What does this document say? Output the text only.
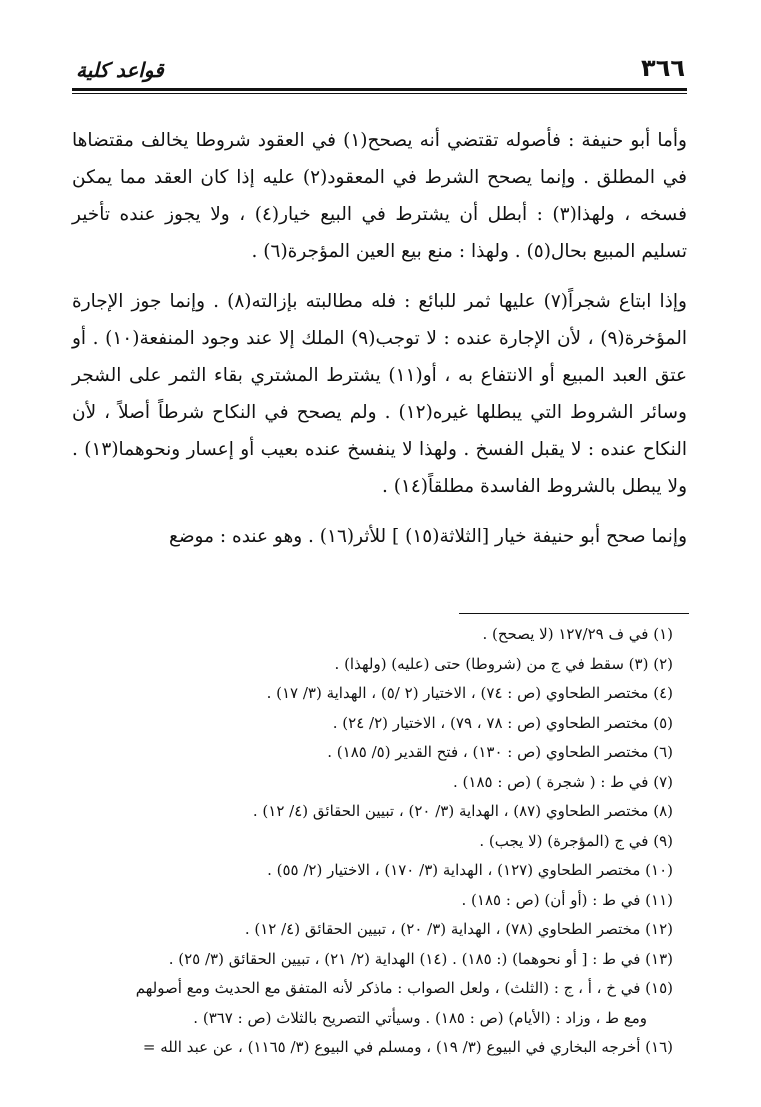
٣٦٦
قواعد كلية

وأما أبو حنيفة : فأصوله تقتضي أنه يصحح(١) في العقود شروطا يخالف مقتضاها في المطلق . وإنما يصحح الشرط في المعقود(٢) عليه إذا كان العقد مما يمكن فسخه ، ولهذا(٣) : أبطل أن يشترط في البيع خيار(٤) ، ولا يجوز عنده تأخير تسليم المبيع بحال(٥) . ولهذا : منع بيع العين المؤجرة(٦) .

وإذا ابتاع شجراً(٧) عليها ثمر للبائع : فله مطالبته بإزالته(٨) . وإنما جوز الإجارة المؤخرة(٩) ، لأن الإجارة عنده : لا توجب(٩) الملك إلا عند وجود المنفعة(١٠) . أو عتق العبد المبيع أو الانتفاع به ، أو(١١) يشترط المشتري بقاء الثمر على الشجر وسائر الشروط التي يبطلها غيره(١٢) . ولم يصحح في النكاح شرطاً أصلاً ، لأن النكاح عنده : لا يقبل الفسخ . ولهذا لا ينفسخ عنده بعيب أو إعسار ونحوهما(١٣) . ولا يبطل بالشروط الفاسدة مطلقاً(١٤) .

وإنما صحح أبو حنيفة خيار [الثلاثة(١٥) ] للأثر(١٦) . وهو عنده : موضع

(١) في ف ١٢٧/٢٩ (لا يصحح) .

(٢) (٣) سقط في ج من (شروطا) حتى (عليه) (ولهذا) .

(٤) مختصر الطحاوي (ص : ٧٤) ، الاختيار (٢ /٥) ، الهداية (٣/ ١٧) .

(٥) مختصر الطحاوي (ص : ٧٨ ، ٧٩) ، الاختيار (٢/ ٢٤) .

(٦) مختصر الطحاوي (ص : ١٣٠) ، فتح القدير (٥/ ١٨٥) .

(٧) في ط : ( شجرة ) (ص : ١٨٥) .

(٨) مختصر الطحاوي (٨٧) ، الهداية (٣/ ٢٠) ، تبيين الحقائق (٤/ ١٢) .

(٩) في ج (المؤجرة) (لا يجب) .

(١٠) مختصر الطحاوي (١٢٧) ، الهداية (٣/ ١٧٠) ، الاختيار (٢/ ٥٥) .

(١١) في ط : (أو أن) (ص : ١٨٥) .

(١٢) مختصر الطحاوي (٧٨) ، الهداية (٣/ ٢٠) ، تبيين الحقائق (٤/ ١٢) .

(١٣) في ط : [ أو نحوهما) (: ١٨٥) . (١٤) الهداية (٢/ ٢١) ، تبيين الحقائق (٣/ ٢٥) .

(١٥) في خ ، أ ، ج : (الثلث) ، ولعل الصواب : ماذكر لأنه المتفق مع الحديث ومع أصولهم

ومع ط ، وزاد : (الأيام) (ص : ١٨٥) . وسيأتي التصريح بالثلاث (ص : ٣٦٧) .

(١٦) أخرجه البخاري في البيوع (٣/ ١٩) ، ومسلم في البيوع (٣/ ١١٦٥) ، عن عبد الله =
